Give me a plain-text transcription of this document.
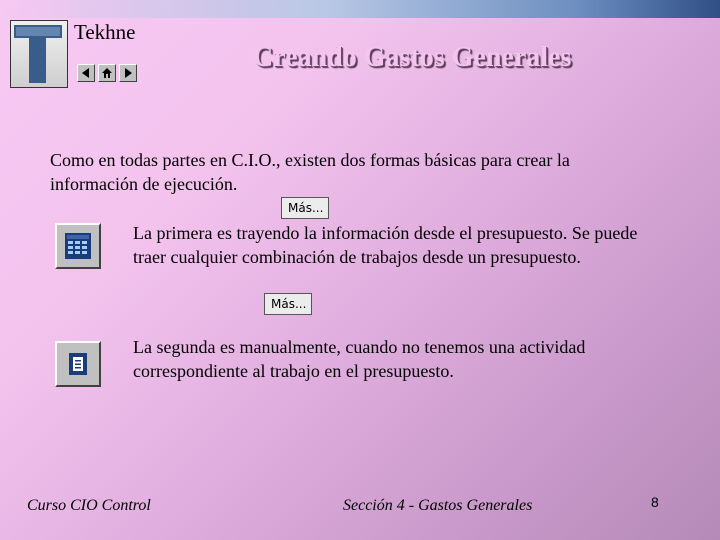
Tekhne
Creando Gastos Generales
Como en todas partes en C.I.O., existen dos formas básicas para crear la información de ejecución.
Más...
La primera es trayendo la información desde el presupuesto. Se puede traer cualquier combinación de trabajos desde un presupuesto.
Más...
La segunda es manualmente, cuando no tenemos una actividad correspondiente al trabajo en el presupuesto.
Curso CIO Control	Sección 4 - Gastos Generales	8
